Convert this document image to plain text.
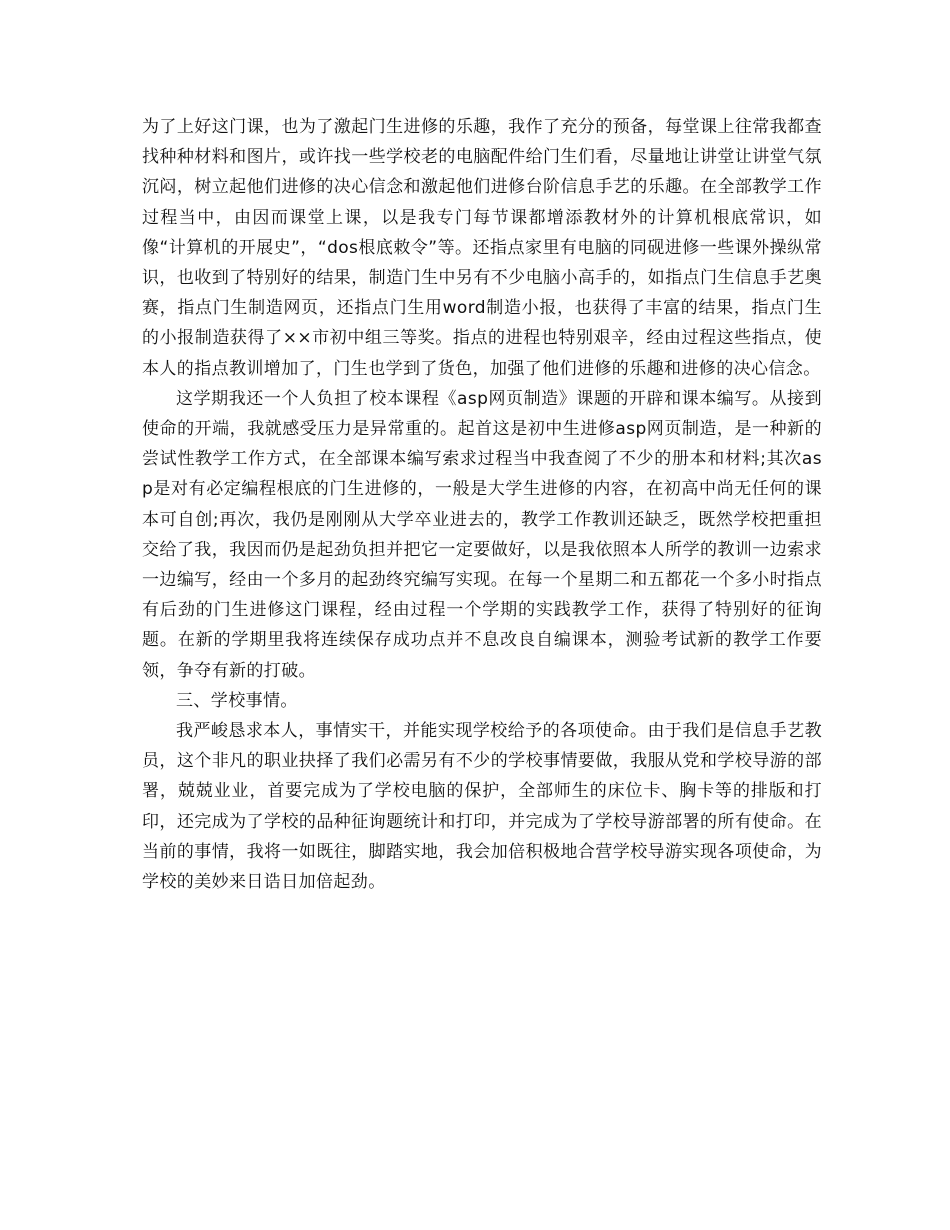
为了上好这门课，也为了激起门生进修的乐趣，我作了充分的预备，每堂课上往常我都查找种种材料和图片，或许找一些学校老的电脑配件给门生们看，尽量地让讲堂让讲堂气氛沉闷，树立起他们进修的决心信念和激起他们进修台阶信息手艺的乐趣。在全部教学工作过程当中，由因而课堂上课，以是我专门每节课都增添教材外的计算机根底常识，如像“计算机的开展史”，“dos根底敕令”等。还指点家里有电脑的同砚进修一些课外操纵常识，也收到了特别好的结果，制造门生中另有不少电脑小高手的，如指点门生信息手艺奥赛，指点门生制造网页，还指点门生用word制造小报，也获得了丰富的结果，指点门生的小报制造获得了××市初中组三等奖。指点的进程也特别艰辛，经由过程这些指点，使本人的指点教训增加了，门生也学到了货色，加强了他们进修的乐趣和进修的决心信念。

这学期我还一个人负担了校本课程《asp网页制造》课题的开辟和课本编写。从接到使命的开端，我就感受压力是异常重的。起首这是初中生进修asp网页制造，是一种新的尝试性教学工作方式，在全部课本编写索求过程当中我查阅了不少的册本和材料;其次asp是对有必定编程根底的门生进修的，一般是大学生进修的内容，在初高中尚无任何的课本可自创;再次，我仍是刚刚从大学卒业进去的，教学工作教训还缺乏，既然学校把重担交给了我，我因而仍是起劲负担并把它一定要做好，以是我依照本人所学的教训一边索求一边编写，经由一个多月的起劲终究编写实现。在每一个星期二和五都花一个多小时指点有后劲的门生进修这门课程，经由过程一个学期的实践教学工作，获得了特别好的征询题。在新的学期里我将连续保存成功点并不息改良自编课本，测验考试新的教学工作要领，争夺有新的打破。

三、学校事情。

我严峻恳求本人，事情实干，并能实现学校给予的各项使命。由于我们是信息手艺教员，这个非凡的职业抉择了我们必需另有不少的学校事情要做，我服从党和学校导游的部署，兢兢业业，首要完成为了学校电脑的保护，全部师生的床位卡、胸卡等的排版和打印，还完成为了学校的品种征询题统计和打印，并完成为了学校导游部署的所有使命。在当前的事情，我将一如既往，脚踏实地，我会加倍积极地合营学校导游实现各项使命，为学校的美妙来日诰日加倍起劲。
